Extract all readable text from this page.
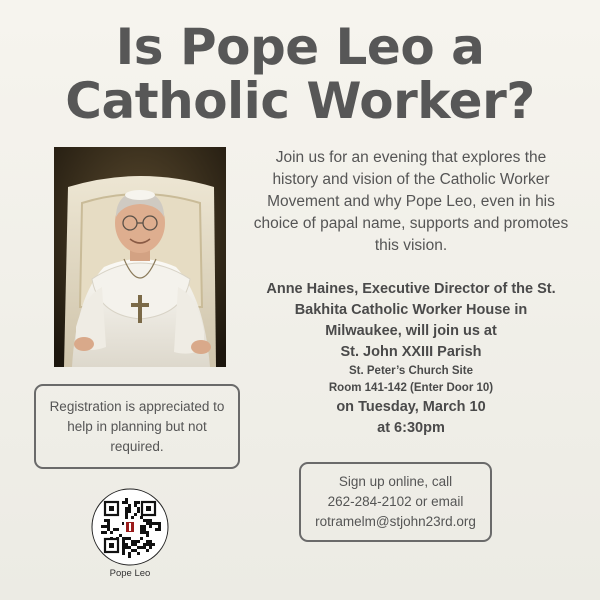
Is Pope Leo a
Catholic Worker?
Join us for an evening that explores the history and vision of the Catholic Worker Movement and why Pope Leo, even in his choice of papal name, supports and promotes this vision.
Anne Haines, Executive Director of the St.
Bakhita Catholic Worker House in
Milwaukee, will join us at
St. John XXIII Parish
St. Peter’s Church Site
Room 141-142 (Enter Door 10)
on Tuesday, March 10
at 6:30pm
Registration is appreciated to help in planning but not required.
Sign up online, call
262-284-2102 or email
rotramelm@stjohn23rd.org
Pope Leo
